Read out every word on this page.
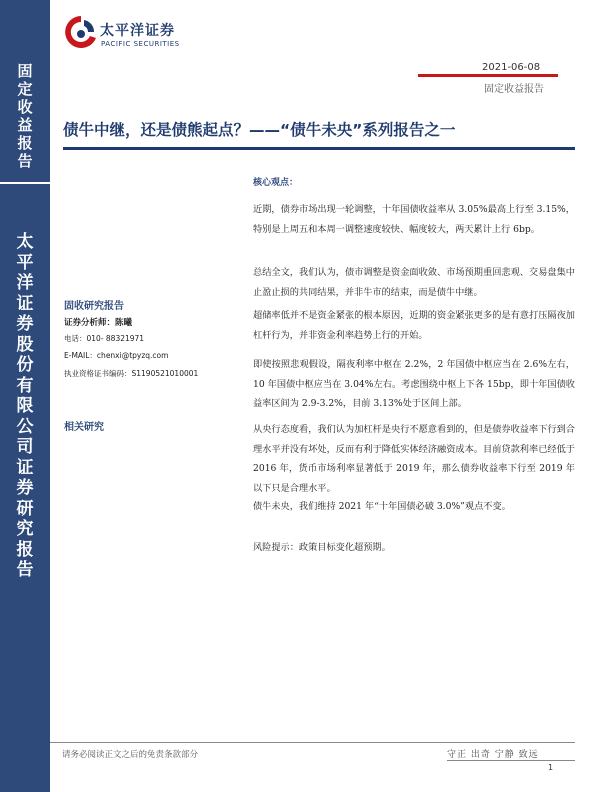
固
定
收
益
报
告
太
平
洋
证
券
股
份
有
限
公
司
证
券
研
究
报
告
太平洋证券
PACIFIC SECURITIES
2021-06-08
固定收益报告
债牛中继，还是债熊起点？——“债牛未央”系列报告之一
固收研究报告
证券分析师：陈曦
电话：010- 88321971
E-MAIL：chenxi@tpyzq.com
执业资格证书编码：S1190521010001
相关研究
核心观点：

近期，债券市场出现一轮调整，十年国债收益率从 3.05%最高上行至 3.15%，特别是上周五和本周一调整速度较快、幅度较大，两天累计上行 6bp。

总结全文，我们认为，债市调整是资金面收敛、市场预期重回悲观、交易盘集中止盈止损的共同结果，并非牛市的结束，而是债牛中继。

超储率低并不是资金紧张的根本原因，近期的资金紧张更多的是有意打压隔夜加杠杆行为，并非资金利率趋势上行的开始。

即使按照悲观假设，隔夜利率中枢在 2.2%，2 年国债中枢应当在 2.6%左右，10 年国债中枢应当在 3.04%左右。考虑围绕中枢上下各 15bp，即十年国债收益率区间为 2.9-3.2%，目前 3.13%处于区间上部。

从央行态度看，我们认为加杠杆是央行不愿意看到的，但是债券收益率下行到合理水平并没有坏处，反而有利于降低实体经济融资成本。目前贷款利率已经低于 2016 年，货币市场利率显著低于 2019 年，那么债券收益率下行至 2019 年以下只是合理水平。

债牛未央，我们维持 2021 年“十年国债必破 3.0%”观点不变。

风险提示：政策目标变化超预期。

请务必阅读正文之后的免责条款部分	守正 出奇 宁静 致远
1
